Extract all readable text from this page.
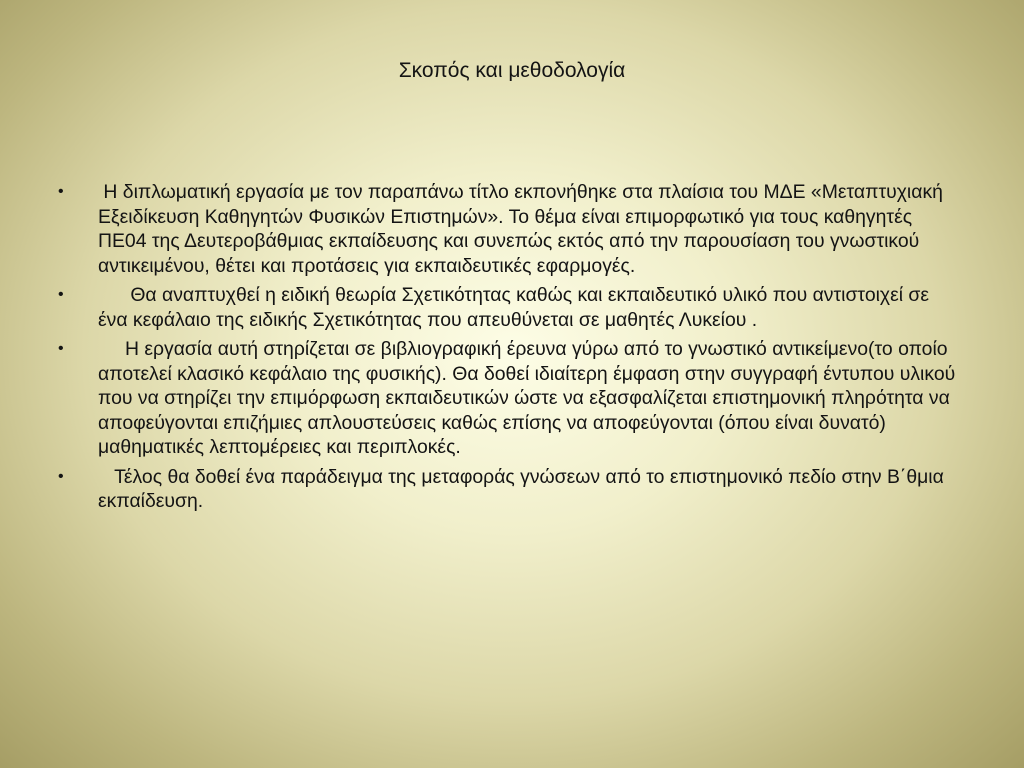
Σκοπός και μεθοδολογία
• Η διπλωματική εργασία με τον παραπάνω τίτλο εκπονήθηκε στα πλαίσια του ΜΔΕ «Μεταπτυχιακή Εξειδίκευση Καθηγητών Φυσικών Επιστημών». Το θέμα είναι επιμορφωτικό για τους καθηγητές ΠΕ04 της Δευτεροβάθμιας εκπαίδευσης και συνεπώς εκτός από την παρουσίαση του γνωστικού αντικειμένου, θέτει και προτάσεις για εκπαιδευτικές εφαρμογές.
• Θα αναπτυχθεί η ειδική θεωρία Σχετικότητας καθώς και εκπαιδευτικό υλικό που αντιστοιχεί σε ένα κεφάλαιο της ειδικής Σχετικότητας που απευθύνεται σε μαθητές Λυκείου .
• Η εργασία αυτή στηρίζεται σε βιβλιογραφική έρευνα γύρω από το γνωστικό αντικείμενο(το οποίο αποτελεί κλασικό κεφάλαιο της φυσικής). Θα δοθεί ιδιαίτερη έμφαση στην συγγραφή έντυπου υλικού που να στηρίζει την επιμόρφωση εκπαιδευτικών ώστε να εξασφαλίζεται επιστημονική πληρότητα να αποφεύγονται επιζήμιες απλουστεύσεις καθώς επίσης να αποφεύγονται (όπου είναι δυνατό) μαθηματικές λεπτομέρειες και περιπλοκές.
• Τέλος θα δοθεί ένα παράδειγμα της μεταφοράς γνώσεων από το επιστημονικό πεδίο στην Β΄θμια εκπαίδευση.
